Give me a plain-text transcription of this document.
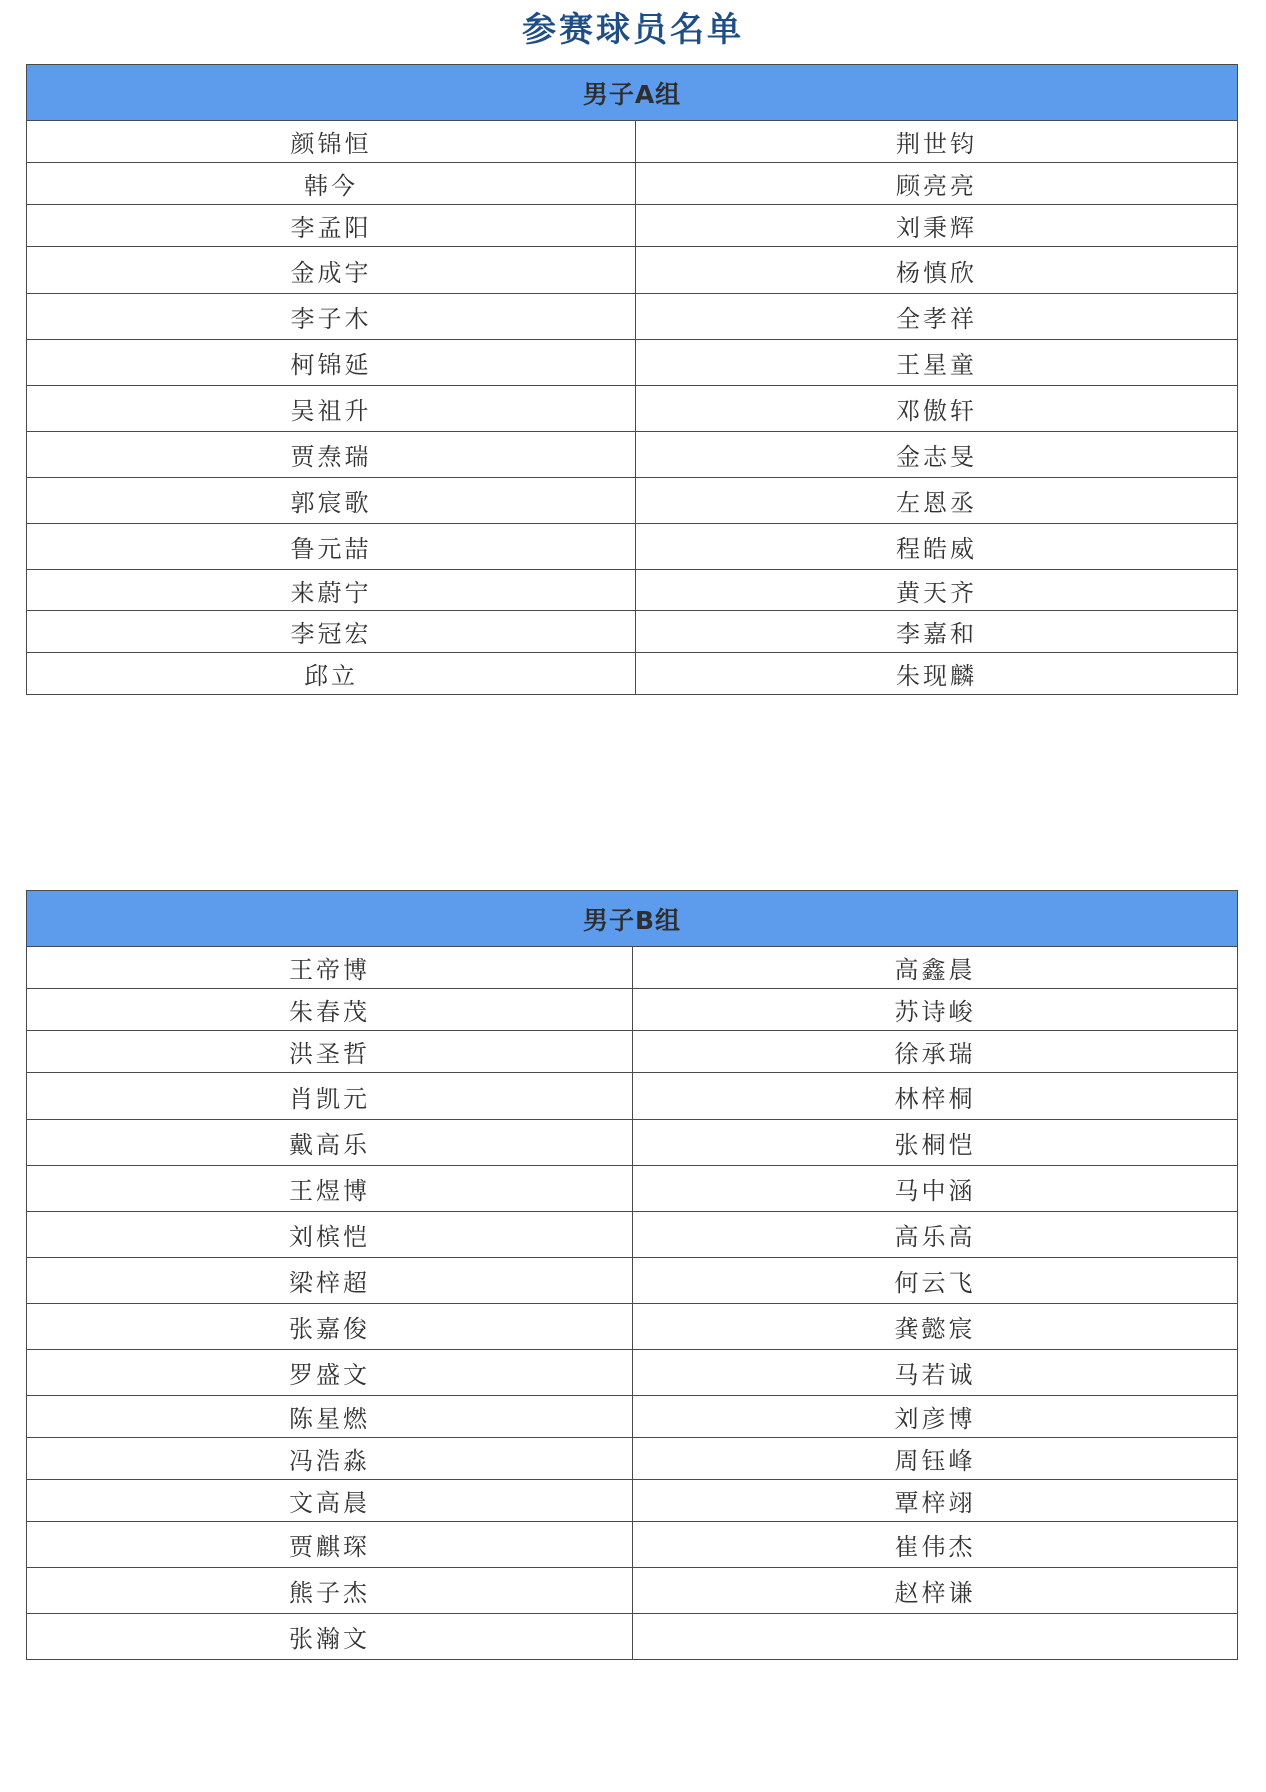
参赛球员名单
男子A组	
颜锦恒	荆世钧
韩今	顾亮亮
李孟阳	刘秉辉
金成宇	杨慎欣
李子木	全孝祥
柯锦延	王星童
吴祖升	邓傲轩
贾焘瑞	金志旻
郭宸歌	左恩丞
鲁元喆	程皓威
来蔚宁	黄天齐
李冠宏	李嘉和
邱立	朱现麟
男子B组	
王帝博	高鑫晨
朱春茂	苏诗峻
洪圣哲	徐承瑞
肖凯元	林梓桐
戴高乐	张桐恺
王煜博	马中涵
刘槟恺	高乐高
梁梓超	何云飞
张嘉俊	龚懿宸
罗盛文	马若诚
陈星燃	刘彦博
冯浩淼	周钰峰
文高晨	覃梓翊
贾麒琛	崔伟杰
熊子杰	赵梓谦
张瀚文	
